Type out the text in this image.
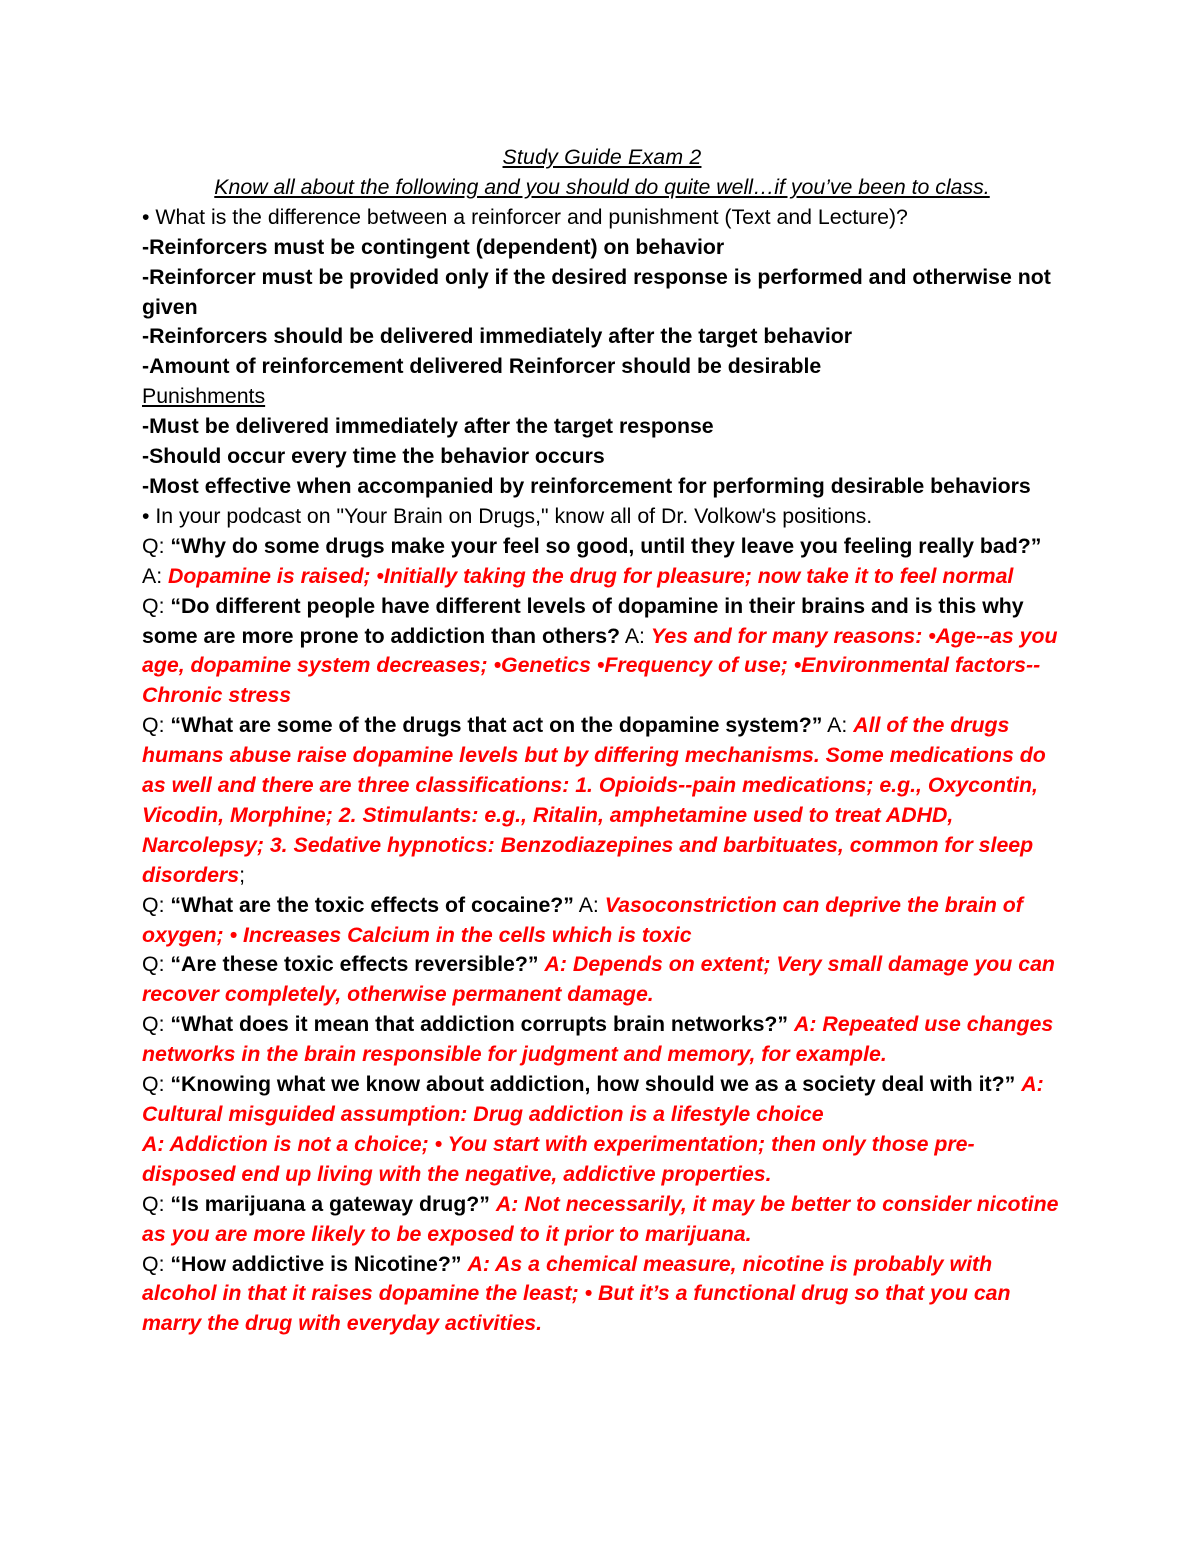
Study Guide Exam 2
Know all about the following and you should do quite well…if you’ve been to class.
• What is the difference between a reinforcer and punishment (Text and Lecture)?
-Reinforcers must be contingent (dependent) on behavior
-Reinforcer must be provided only if the desired response is performed and otherwise not given
-Reinforcers should be delivered immediately after the target behavior
-Amount of reinforcement delivered Reinforcer should be desirable
Punishments
-Must be delivered immediately after the target response
-Should occur every time the behavior occurs
-Most effective when accompanied by reinforcement for performing desirable behaviors
• In your podcast on "Your Brain on Drugs," know all of Dr. Volkow's positions.
Q: “Why do some drugs make your feel so good, until they leave you feeling really bad?” A: Dopamine is raised; •Initially taking the drug for pleasure; now take it to feel normal
Q: “Do different people have different levels of dopamine in their brains and is this why some are more prone to addiction than others? A: Yes and for many reasons: •Age--as you age, dopamine system decreases; •Genetics •Frequency of use; •Environmental factors--Chronic stress
Q: “What are some of the drugs that act on the dopamine system?” A: All of the drugs humans abuse raise dopamine levels but by differing mechanisms. Some medications do as well and there are three classifications: 1. Opioids--pain medications; e.g., Oxycontin, Vicodin, Morphine; 2. Stimulants: e.g., Ritalin, amphetamine used to treat ADHD, Narcolepsy; 3. Sedative hypnotics: Benzodiazepines and barbituates, common for sleep disorders;
Q: “What are the toxic effects of cocaine?” A: Vasoconstriction can deprive the brain of oxygen; • Increases Calcium in the cells which is toxic
Q: “Are these toxic effects reversible?” A: Depends on extent; Very small damage you can recover completely, otherwise permanent damage.
Q: “What does it mean that addiction corrupts brain networks?” A: Repeated use changes networks in the brain responsible for judgment and memory, for example.
Q: “Knowing what we know about addiction, how should we as a society deal with it?” A: Cultural misguided assumption: Drug addiction is a lifestyle choice
A: Addiction is not a choice; • You start with experimentation; then only those pre-disposed end up living with the negative, addictive properties.
Q: “Is marijuana a gateway drug?” A: Not necessarily, it may be better to consider nicotine as you are more likely to be exposed to it prior to marijuana.
Q: “How addictive is Nicotine?” A: As a chemical measure, nicotine is probably with alcohol in that it raises dopamine the least; • But it’s a functional drug so that you can marry the drug with everyday activities.
